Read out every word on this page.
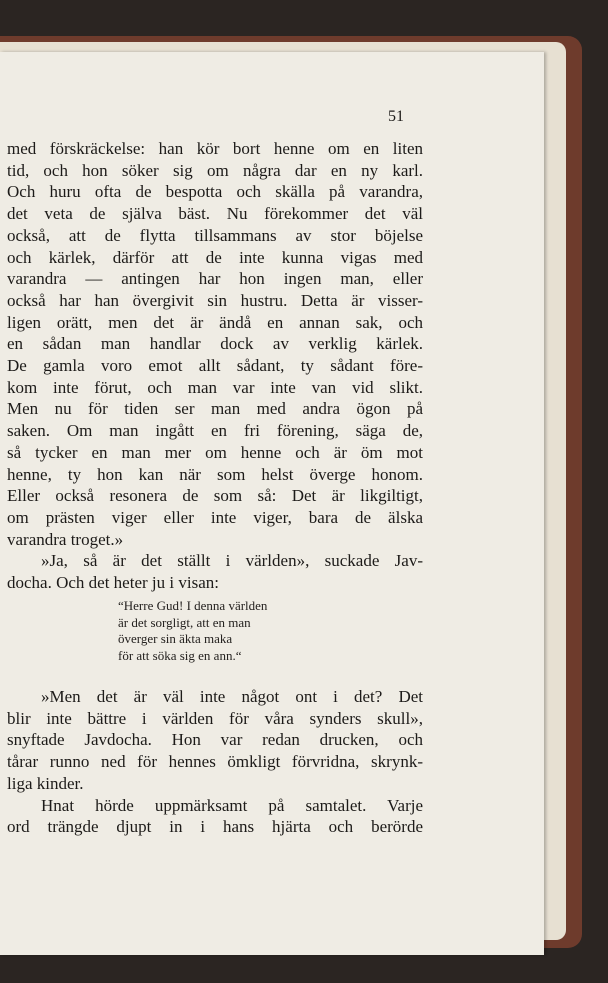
51
med förskräckelse: han kör bort henne om en liten
tid, och hon söker sig om några dar en ny karl.
Och huru ofta de bespotta och skälla på varandra,
det veta de själva bäst. Nu förekommer det väl
också, att de flytta tillsammans av stor böjelse
och kärlek, därför att de inte kunna vigas med
varandra — antingen har hon ingen man, eller
också har han övergivit sin hustru. Detta är visser-
ligen orätt, men det är ändå en annan sak, och
en sådan man handlar dock av verklig kärlek.
De gamla voro emot allt sådant, ty sådant före-
kom inte förut, och man var inte van vid slikt.
Men nu för tiden ser man med andra ögon på
saken. Om man ingått en fri förening, säga de,
så tycker en man mer om henne och är öm mot
henne, ty hon kan när som helst överge honom.
Eller också resonera de som så: Det är likgiltigt,
om prästen viger eller inte viger, bara de älska
varandra troget.»
»Ja, så är det ställt i världen», suckade Jav-
docha. Och det heter ju i visan:
“Herre Gud! I denna världen
är det sorgligt, att en man
överger sin äkta maka
för att söka sig en ann.“
»Men det är väl inte något ont i det? Det
blir inte bättre i världen för våra synders skull»,
snyftade Javdocha. Hon var redan drucken, och
tårar runno ned för hennes ömkligt förvridna, skrynk-
liga kinder.
Hnat hörde uppmärksamt på samtalet. Varje
ord trängde djupt in i hans hjärta och berörde
